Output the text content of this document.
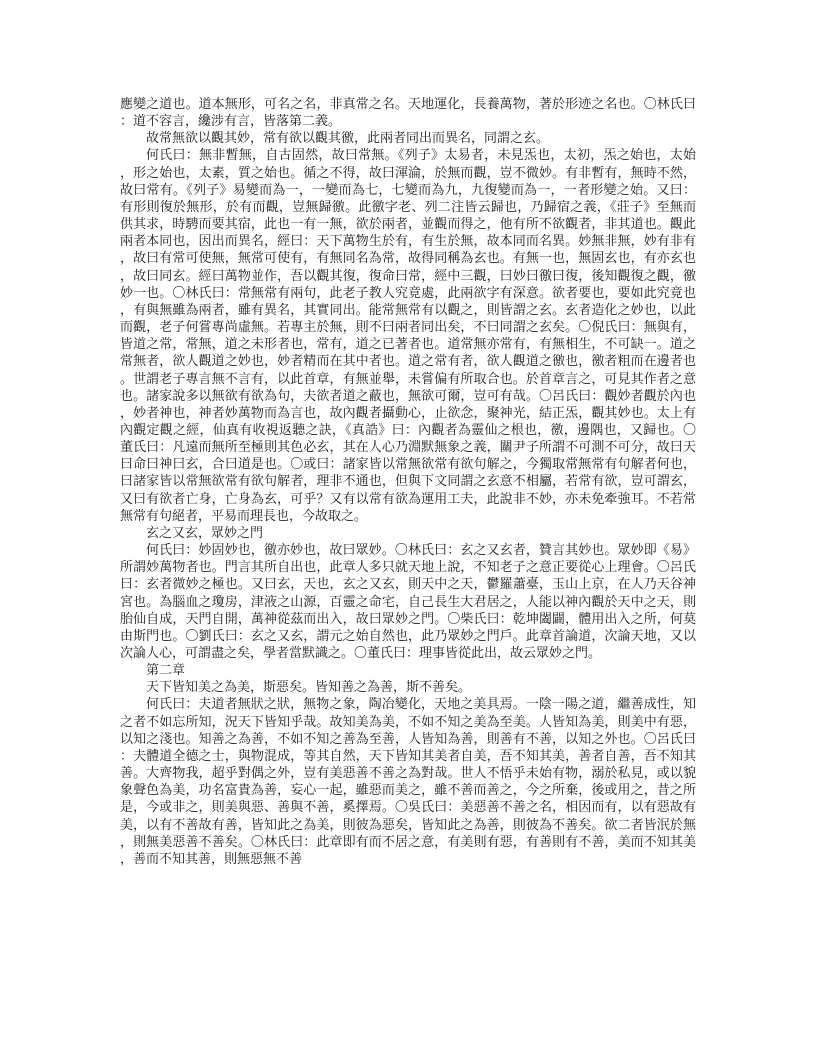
應變之道也。道本無形，可名之名，非真常之名。天地運化，長養萬物，著於形迹之名也。〇林氏曰：道不容言，纔涉有言，皆落第二義。

故常無欲以觀其妙，常有欲以觀其徼，此兩者同出而異名，同謂之玄。

何氏曰：無非暫無，自古固然，故曰常無。《列子》太易者，未見炁也，太初，炁之始也，太始，形之始也，太素，質之始也。循之不得，故曰渾淪，於無而觀，豈不微妙。有非暫有，無時不然，故曰常有。《列子》易變而為一，一變而為七，七變而為九，九復變而為一，一者形變之始。又曰：有形則復於無形，於有而觀，豈無歸徼。此徼字老、列二注皆云歸也，乃歸宿之義，《莊子》至無而供其求，時騁而要其宿，此也一有一無，欲於兩者，並觀而得之，他有所不欲觀者，非其道也。觀此兩者本同也，因出而異名，經曰：天下萬物生於有，有生於無，故本同而名異。妙無非無，妙有非有，故曰有常可使無，無常可使有，有無同名為常，故得同稱為玄也。有無一也，無固玄也，有亦玄也，故曰同玄。經曰萬物並作，吾以觀其復，復命曰常，經中三觀，曰妙曰徼曰復，後知觀復之觀，徼妙一也。〇林氏曰：常無常有兩句，此老子教人究竟處，此兩欲字有深意。欲者要也，要如此究竟也，有與無雖為兩者，雖有異名，其實同出。能常無常有以觀之，則皆謂之玄。玄者造化之妙也，以此而觀，老子何嘗專尚虛無。若專主於無，則不曰兩者同出矣，不曰同謂之玄矣。〇倪氏曰：無與有，皆道之常，常無，道之未形者也，常有，道之已著者也。道常無亦常有，有無相生，不可缺一。道之常無者，欲人觀道之妙也，妙者精而在其中者也。道之常有者，欲人觀道之徼也，徼者粗而在邊者也。世謂老子專言無不言有，以此首章，有無並舉，未嘗偏有所取合也。於首章言之，可見其作者之意也。諸家說多以無欲有欲為句，夫欲者道之蔽也，無欲可爾，豈可有哉。〇呂氏曰：觀妙者觀於內也，妙者神也，神者妙萬物而為言也，故內觀者攝動心，止欲念，聚神光，結正炁，觀其妙也。太上有內觀定觀之經，仙真有收視返聽之訣，《真誥》曰：內觀者為靈仙之根也，徼，邊隅也，又歸也。〇董氏曰：凡遠而無所至極則其色必玄，其在人心乃淵默無象之義，關尹子所謂不可測不可分，故曰天曰命曰神曰玄，合曰道是也。〇或曰：諸家皆以常無欲常有欲句解之，今獨取常無常有句解者何也，曰諸家皆以常無欲常有欲句解者，理非不通也，但與下文同謂之玄意不相屬，若常有欲，豈可謂玄，又曰有欲者亡身，亡身為玄，可乎？又有以常有欲為運用工夫，此說非不妙，亦未免牽強耳。不若常無常有句絕者，平易而理長也，今故取之。

玄之又玄，眾妙之門

何氏曰：妙固妙也，徼亦妙也，故曰眾妙。〇林氏曰：玄之又玄者，贊言其妙也。眾妙即《易》所謂妙萬物者也。門言其所自出也，此章人多只就天地上說，不知老子之意正要從心上理會。〇呂氏曰：玄者微妙之極也。又曰玄，天也，玄之又玄，則天中之天，鬱羅蕭臺，玉山上京，在人乃天谷神宮也。為腦血之瓊房，津液之山源，百靈之命宅，自己長生大君居之，人能以神內觀於天中之天，則胎仙自成，天門自開，萬神從茲而出入，故曰眾妙之門。〇柴氏曰：乾坤闔闢，體用出入之所，何莫由斯門也。〇劉氏曰：玄之又玄，謂元之始自然也，此乃眾妙之門戶。此章首論道，次論天地，又以次論人心，可謂盡之矣，學者當默識之。〇董氏曰：理事皆從此出，故云眾妙之門。

第二章

天下皆知美之為美，斯惡矣。皆知善之為善，斯不善矣。

何氏曰：夫道者無狀之狀，無物之象，陶冶變化，天地之美具焉。一陰一陽之道，繼善成性，知之者不如忘所知，況天下皆知乎哉。故知美為美，不如不知之美為至美。人皆知為美，則美中有惡，以知之淺也。知善之為善，不如不知之善為至善，人皆知為善，則善有不善，以知之外也。〇呂氏曰：夫體道全德之士，與物混成，等其自然，天下皆知其美者自美，吾不知其美，善者自善，吾不知其善。大齊物我，超乎對偶之外，豈有美惡善不善之為對哉。世人不悟乎未始有物，溺於私見，或以貌象聲色為美，功名富貴為善，妄心一起，雖惡而美之，雖不善而善之，今之所棄，後或用之，昔之所是，今或非之，則美與惡、善與不善，奚擇焉。〇吳氏曰：美惡善不善之名，相因而有，以有惡故有美，以有不善故有善，皆知此之為美，則彼為惡矣，皆知此之為善，則彼為不善矣。欲二者皆泯於無，則無美惡善不善矣。〇林氏曰：此章即有而不居之意，有美則有惡，有善則有不善，美而不知其美，善而不知其善，則無惡無不善
